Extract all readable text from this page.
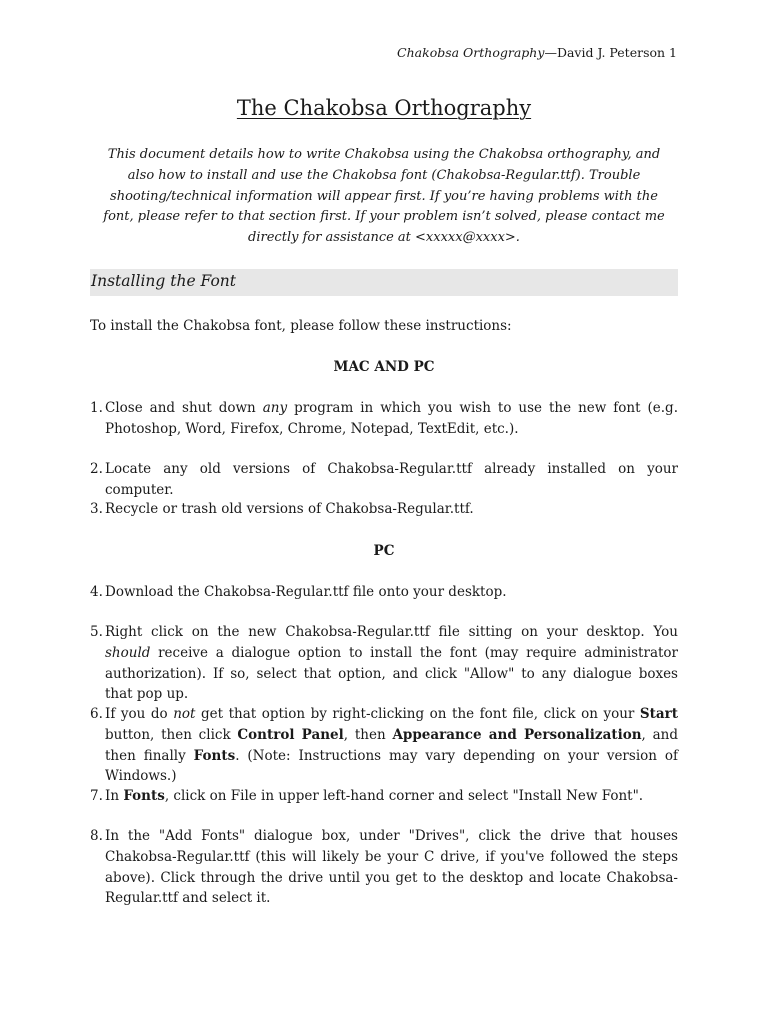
Chakobsa Orthography—David J. Peterson 1
The Chakobsa Orthography
This document details how to write Chakobsa using the Chakobsa orthography, and also how to install and use the Chakobsa font (Chakobsa-Regular.ttf). Trouble shooting/technical information will appear first. If you’re having problems with the font, please refer to that section first. If your problem isn’t solved, please contact me directly for assistance at <xxxxx@xxxx>.
Installing the Font
To install the Chakobsa font, please follow these instructions:
MAC AND PC
1. Close and shut down any program in which you wish to use the new font (e.g. Photoshop, Word, Firefox, Chrome, Notepad, TextEdit, etc.).
2. Locate any old versions of Chakobsa-Regular.ttf already installed on your computer.
3. Recycle or trash old versions of Chakobsa-Regular.ttf.
PC
4. Download the Chakobsa-Regular.ttf file onto your desktop.
5. Right click on the new Chakobsa-Regular.ttf file sitting on your desktop. You should receive a dialogue option to install the font (may require administrator authorization). If so, select that option, and click "Allow" to any dialogue boxes that pop up.
6. If you do not get that option by right-clicking on the font file, click on your Start button, then click Control Panel, then Appearance and Personalization, and then finally Fonts. (Note: Instructions may vary depending on your version of Windows.)
7. In Fonts, click on File in upper left-hand corner and select "Install New Font".
8. In the "Add Fonts" dialogue box, under "Drives", click the drive that houses Chakobsa-Regular.ttf (this will likely be your C drive, if you've followed the steps above). Click through the drive until you get to the desktop and locate Chakobsa-Regular.ttf and select it.
